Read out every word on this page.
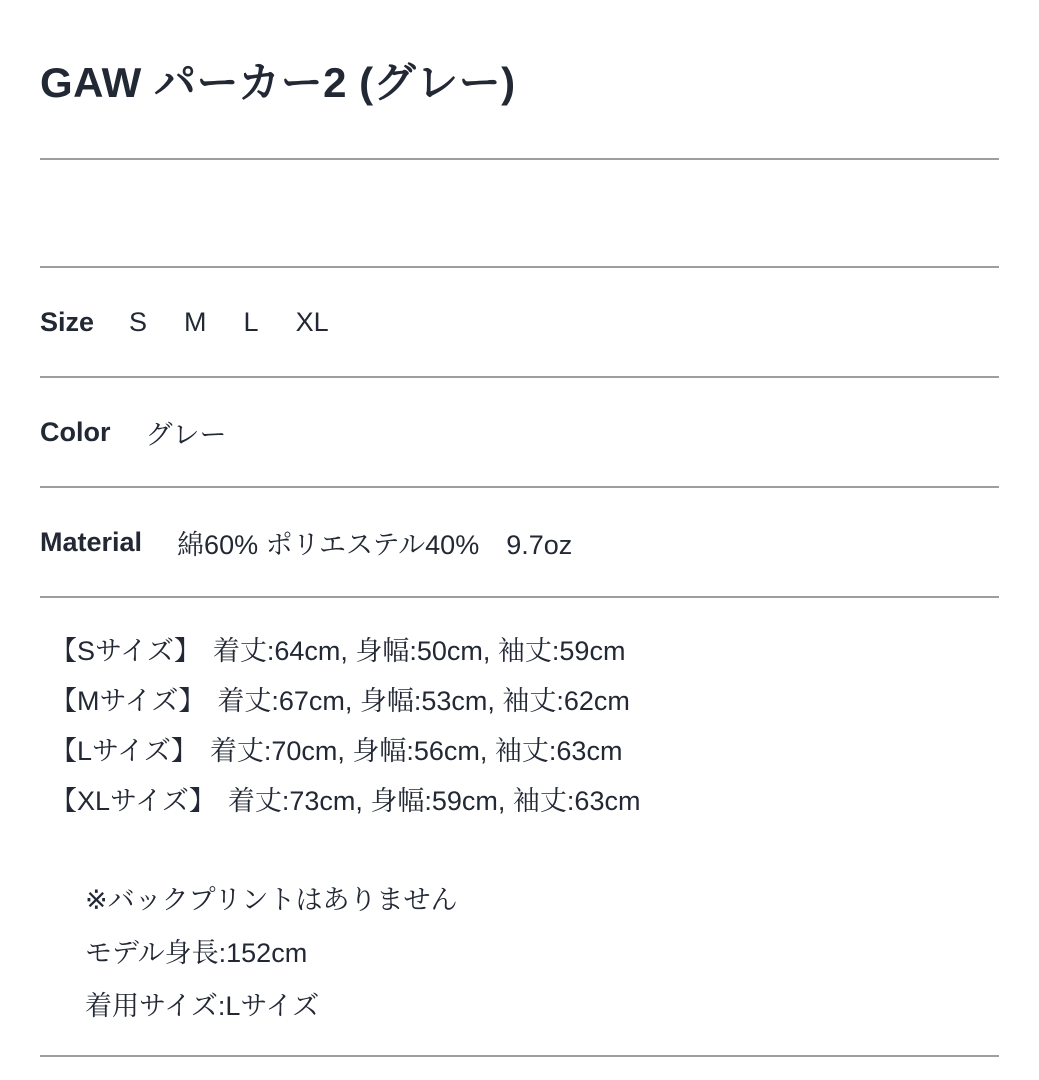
GAW パーカー2 (グレー)
Size S M L XL
Color グレー
Material 綿60% ポリエステル40%　9.7oz
【Sサイズ】 着丈:64cm, 身幅:50cm, 袖丈:59cm
【Mサイズ】 着丈:67cm, 身幅:53cm, 袖丈:62cm
【Lサイズ】 着丈:70cm, 身幅:56cm, 袖丈:63cm
【XLサイズ】 着丈:73cm, 身幅:59cm, 袖丈:63cm
※バックプリントはありません
モデル身長:152cm
着用サイズ:Lサイズ
